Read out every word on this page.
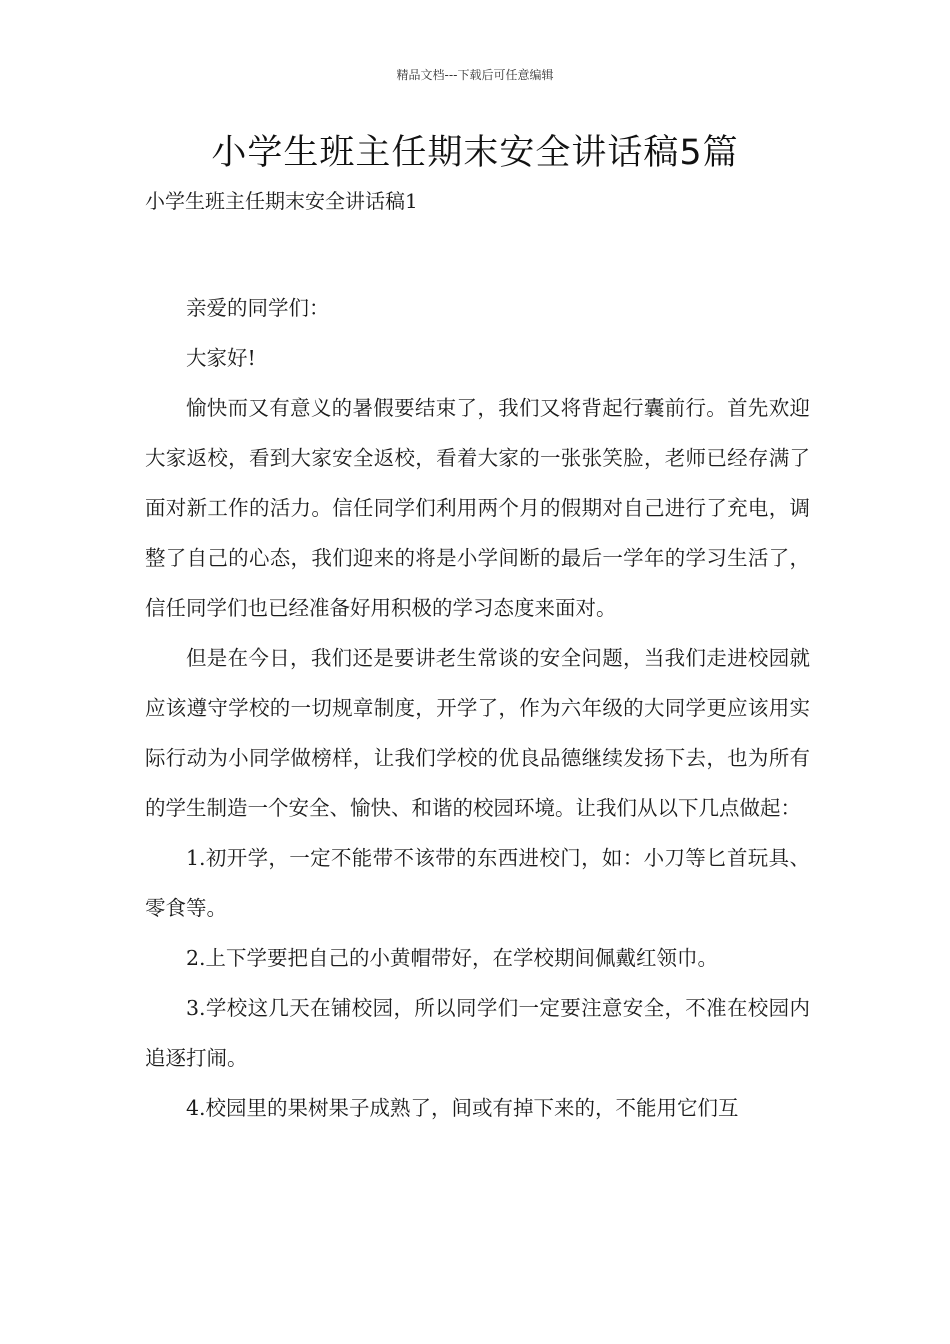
精品文档---下载后可任意编辑
小学生班主任期末安全讲话稿5篇
小学生班主任期末安全讲话稿1

亲爱的同学们：

大家好!

愉快而又有意义的暑假要结束了，我们又将背起行囊前行。首先欢迎大家返校，看到大家安全返校，看着大家的一张张笑脸，老师已经存满了面对新工作的活力。信任同学们利用两个月的假期对自己进行了充电，调整了自己的心态，我们迎来的将是小学间断的最后一学年的学习生活了，信任同学们也已经准备好用积极的学习态度来面对。

但是在今日，我们还是要讲老生常谈的安全问题，当我们走进校园就应该遵守学校的一切规章制度，开学了，作为六年级的大同学更应该用实际行动为小同学做榜样，让我们学校的优良品德继续发扬下去，也为所有的学生制造一个安全、愉快、和谐的校园环境。让我们从以下几点做起：

1.初开学，一定不能带不该带的东西进校门，如：小刀等匕首玩具、零食等。

2.上下学要把自己的小黄帽带好，在学校期间佩戴红领巾。

3.学校这几天在铺校园，所以同学们一定要注意安全，不准在校园内追逐打闹。

4.校园里的果树果子成熟了，间或有掉下来的，不能用它们互
